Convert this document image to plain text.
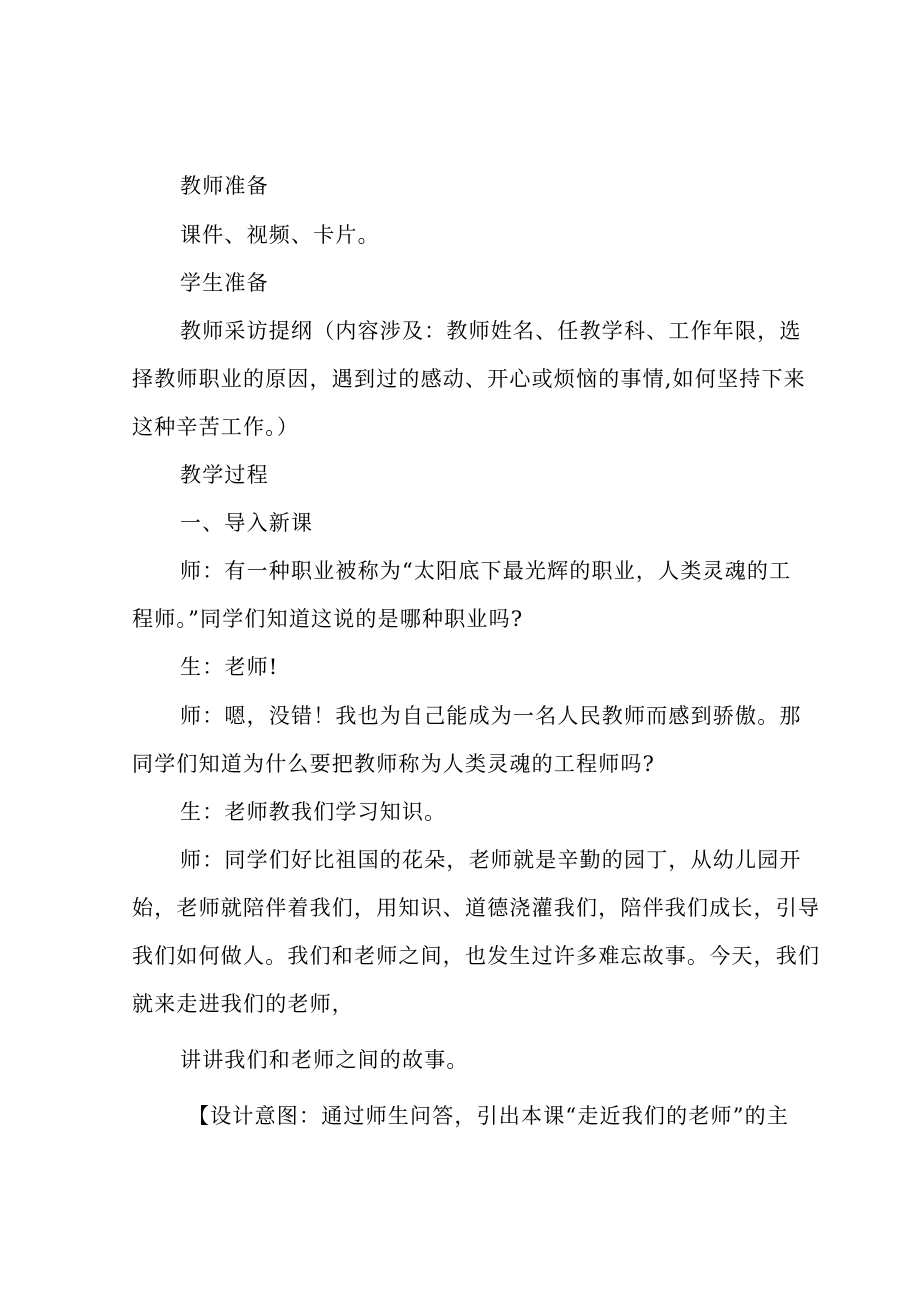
教师准备
课件、视频、卡片。
学生准备
教师采访提纲（内容涉及：教师姓名、任教学科、工作年限，选
择教师职业的原因，遇到过的感动、开心或烦恼的事情,如何坚持下来
这种辛苦工作。）
教学过程
一、导入新课
师：有一种职业被称为“太阳底下最光辉的职业，人类灵魂的工
程师。”同学们知道这说的是哪种职业吗?
生：老师!
师：嗯，没错！我也为自己能成为一名人民教师而感到骄傲。那
同学们知道为什么要把教师称为人类灵魂的工程师吗?
生：老师教我们学习知识。
师：同学们好比祖国的花朵，老师就是辛勤的园丁，从幼儿园开
始，老师就陪伴着我们，用知识、道德浇灌我们，陪伴我们成长，引导
我们如何做人。我们和老师之间，也发生过许多难忘故事。今天，我们
就来走进我们的老师，
讲讲我们和老师之间的故事。
【设计意图：通过师生问答，引出本课“走近我们的老师”的主
